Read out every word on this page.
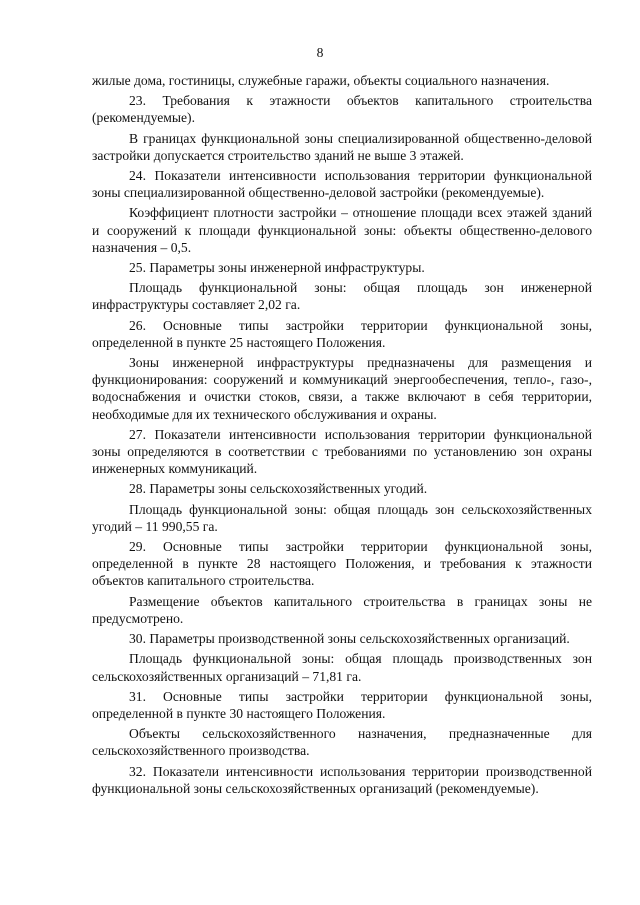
8

жилые дома, гостиницы, служебные гаражи, объекты социального назначения.

23. Требования к этажности объектов капитального строительства (рекомендуемые).

В границах функциональной зоны специализированной общественно-деловой застройки допускается строительство зданий не выше 3 этажей.

24. Показатели интенсивности использования территории функциональной зоны специализированной общественно-деловой застройки (рекомендуемые).

Коэффициент плотности застройки – отношение площади всех этажей зданий и сооружений к площади функциональной зоны: объекты общественно-делового назначения – 0,5.

25. Параметры зоны инженерной инфраструктуры.

Площадь функциональной зоны: общая площадь зон инженерной инфраструктуры составляет 2,02 га.

26. Основные типы застройки территории функциональной зоны, определенной в пункте 25 настоящего Положения.

Зоны инженерной инфраструктуры предназначены для размещения и функционирования: сооружений и коммуникаций энергообеспечения, тепло-, газо-, водоснабжения и очистки стоков, связи, а также включают в себя территории, необходимые для их технического обслуживания и охраны.

27. Показатели интенсивности использования территории функциональной зоны определяются в соответствии с требованиями по установлению зон охраны инженерных коммуникаций.

28. Параметры зоны сельскохозяйственных угодий.

Площадь функциональной зоны: общая площадь зон сельскохозяйственных угодий – 11 990,55 га.

29. Основные типы застройки территории функциональной зоны, определенной в пункте 28 настоящего Положения, и требования к этажности объектов капитального строительства.

Размещение объектов капитального строительства в границах зоны не предусмотрено.

30. Параметры производственной зоны сельскохозяйственных организаций.

Площадь функциональной зоны: общая площадь производственных зон сельскохозяйственных организаций – 71,81 га.

31. Основные типы застройки территории функциональной зоны, определенной в пункте 30 настоящего Положения.

Объекты сельскохозяйственного назначения, предназначенные для сельскохозяйственного производства.

32. Показатели интенсивности использования территории производственной функциональной зоны сельскохозяйственных организаций (рекомендуемые).
